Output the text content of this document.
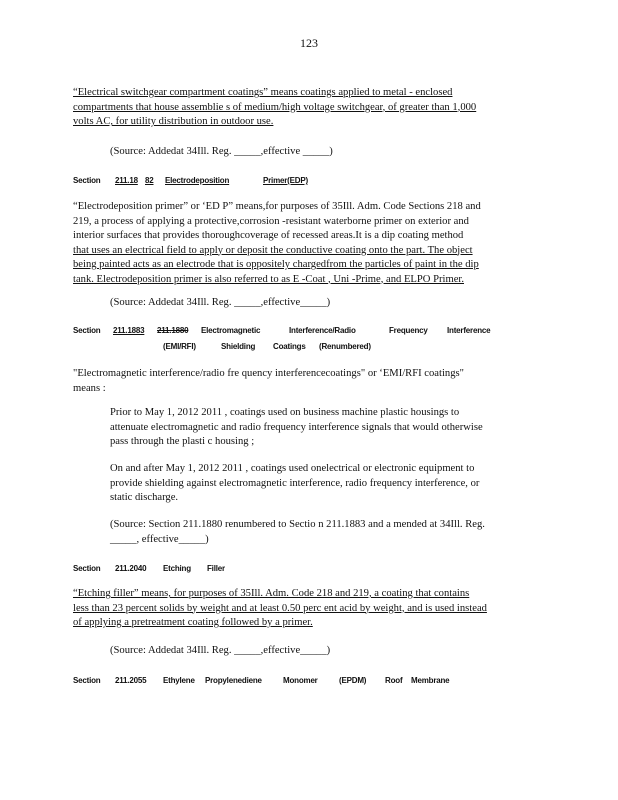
123
“Electrical switchgear compartment coatings” means coatings applied to metal - enclosed
compartments that house assemblie s of medium/high voltage switchgear, of greater than 1,000
volts AC, for utility distribution in outdoor use.
(Source: Addedat 34Ill. Reg. _____,effective _____)
Section 211.18 82 Electrodeposition	Primer(EDP)
“Electrodeposition primer” or ‘ED P” means,for purposes of 35Ill. Adm. Code Sections 218 and
219, a process of applying a protective,corrosion -resistant waterborne primer on exterior and
interior surfaces that provides thoroughcoverage of recessed areas.It is a dip coating method
that uses an electrical field to apply or deposit the conductive coating onto the part. The object
being painted acts as an electrode that is oppositely chargedfrom the particles of paint in the dip
tank. Electrodeposition primer is also referred to as E -Coat , Uni -Prime, and ELPO Primer.
(Source: Addedat 34Ill. Reg. _____,effective_____)
Section 211.1883 211.1880 Electromagnetic	Interference/Radio	Frequency Interference
(EMI/RFI)	Shielding Coatings (Renumbered)
"Electromagnetic interference/radio fre quency interferencecoatings" or ‘EMI/RFI coatings"
means :
Prior to May 1, 2012 2011 , coatings used on business machine plastic housings to
attenuate electromagnetic and radio frequency interference signals that would otherwise
pass through the plasti c housing ;
On and after May 1, 2012 2011 , coatings used onelectrical or electronic equipment to
provide shielding against electromagnetic interference, radio frequency interference, or
static discharge.
(Source: Section 211.1880 renumbered to Sectio n 211.1883 and a mended at 34Ill. Reg.
_____, effective_____)
Section 211.2040 Etching Filler
“Etching filler” means, for purposes of 35Ill. Adm. Code 218 and 219, a coating that contains
less than 23 percent solids by weight and at least 0.50 perc ent acid by weight, and is used instead
of applying a pretreatment coating followed by a primer.
(Source: Addedat 34Ill. Reg. _____,effective_____)
Section 211.2055 Ethylene Propylenediene	Monomer	(EPDM) Roof Membrane
